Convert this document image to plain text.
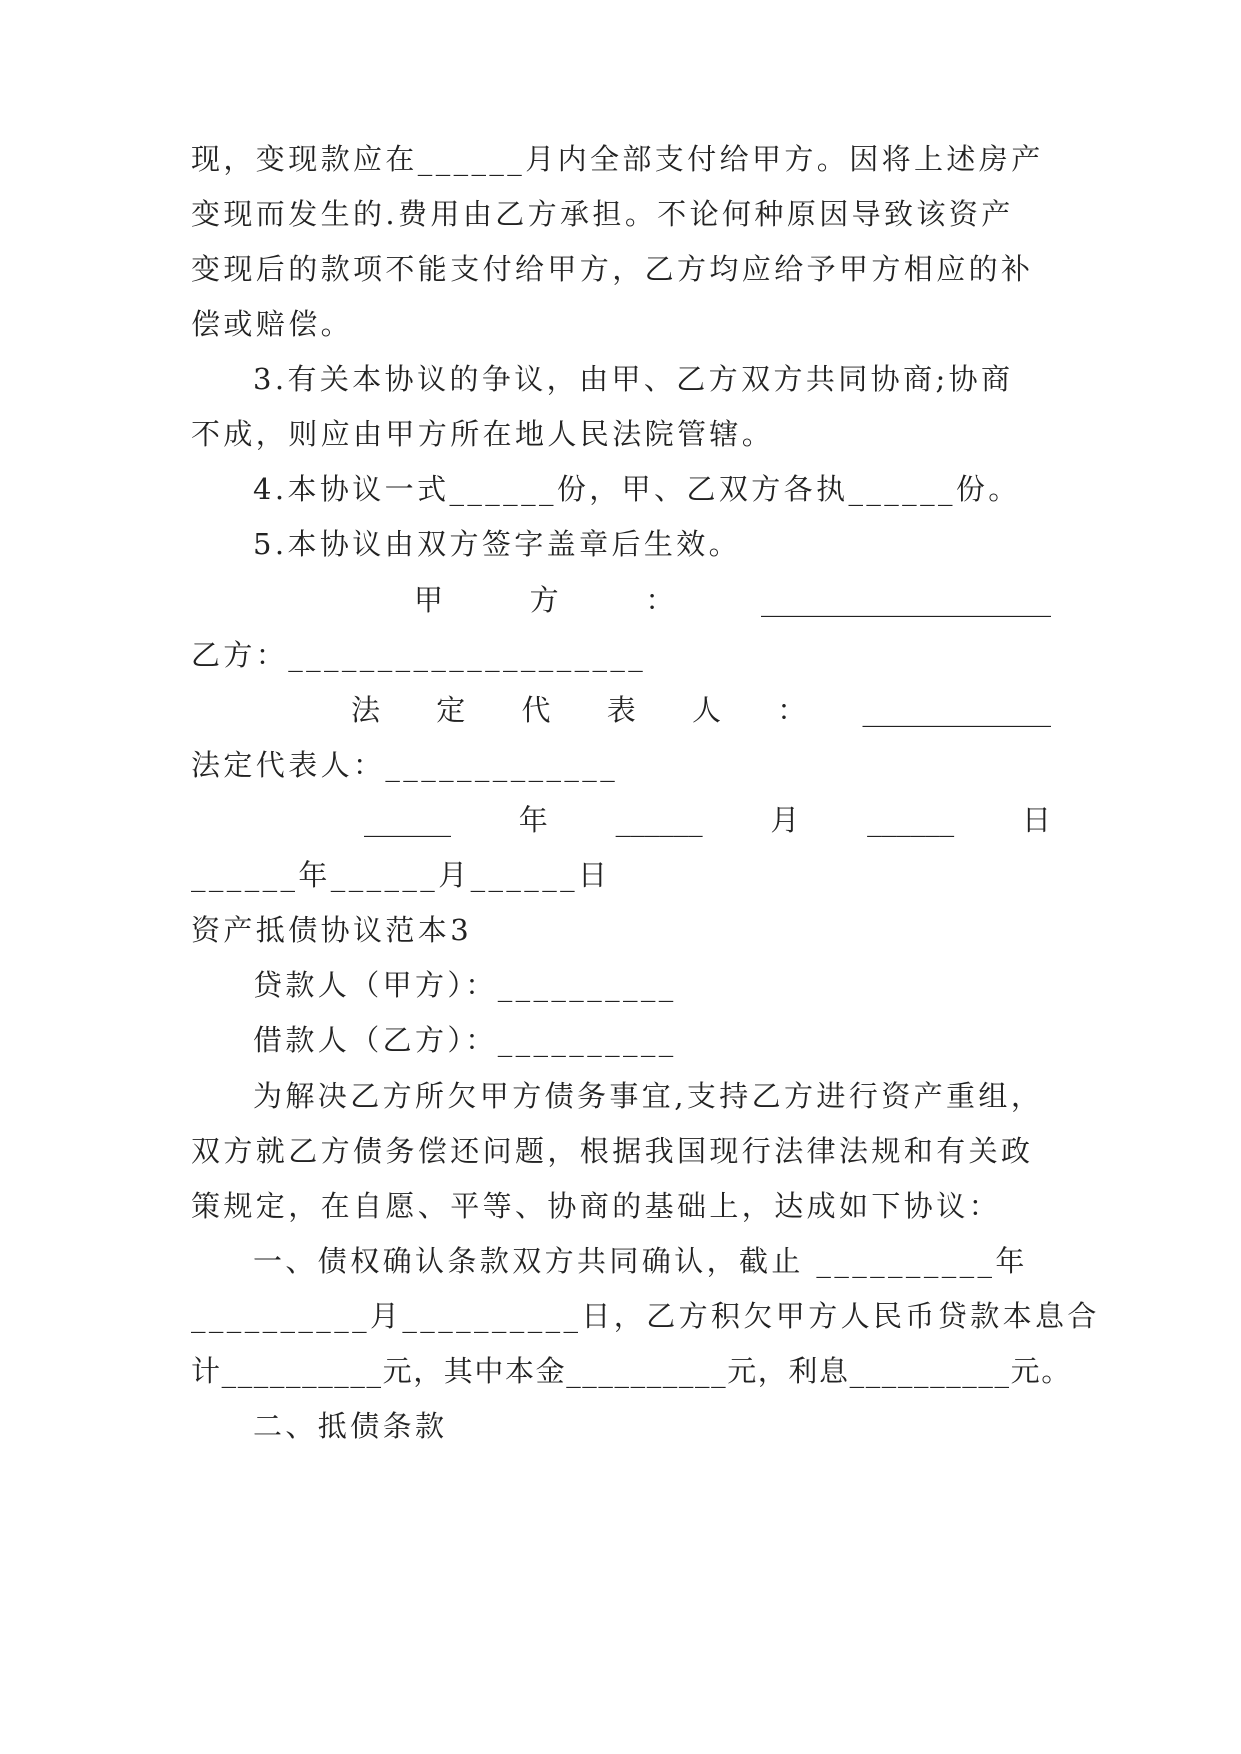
现，变现款应在______月内全部支付给甲方。因将上述房产
变现而发生的.费用由乙方承担。不论何种原因导致该资产
变现后的款项不能支付给甲方，乙方均应给予甲方相应的补
偿或赔偿。
3.有关本协议的争议，由甲、乙方双方共同协商;协商
不成，则应由甲方所在地人民法院管辖。
4.本协议一式______份，甲、乙双方各执______份。
5.本协议由双方签字盖章后生效。
甲	方	：	____________________
乙方：____________________
法 定 代 表 人 ： _____________
法定代表人：_____________
______ 年 ______ 月 ______ 日
______年______月______日
资产抵债协议范本3
贷款人（甲方）：__________
借款人（乙方）：__________
为解决乙方所欠甲方债务事宜,支持乙方进行资产重组，
双方就乙方债务偿还问题，根据我国现行法律法规和有关政
策规定，在自愿、平等、协商的基础上，达成如下协议：
一、债权确认条款双方共同确认，截止 __________年
__________月__________日，乙方积欠甲方人民币贷款本息合
计__________元，其中本金__________元，利息__________元。
二、抵债条款
